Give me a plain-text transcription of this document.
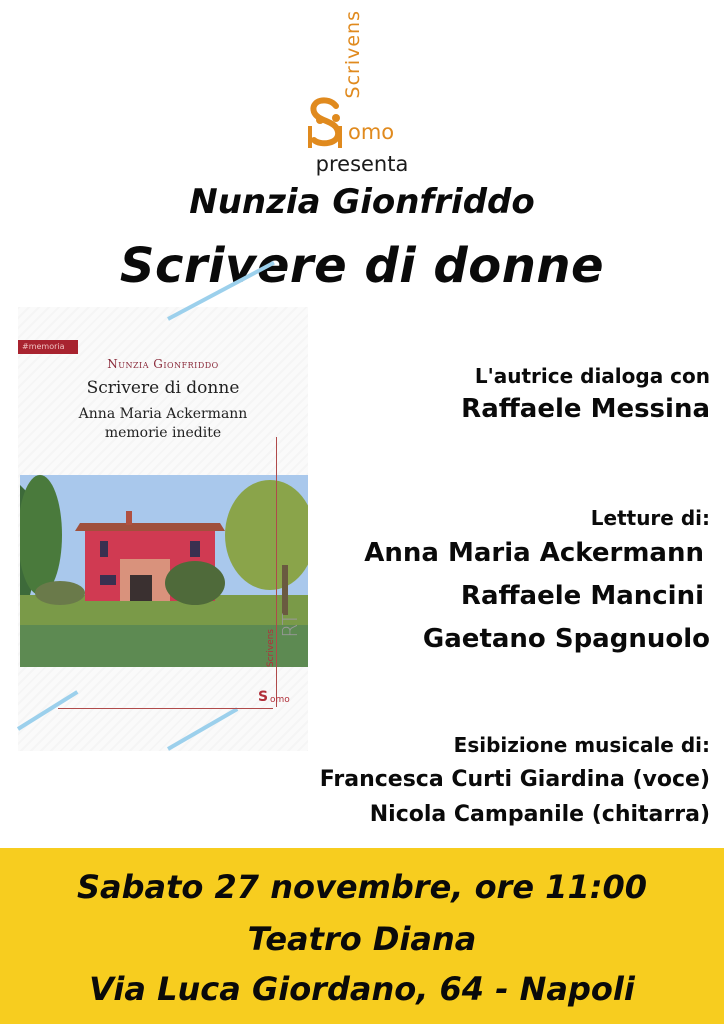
Scrivens
omo
presenta
Nunzia Gionfriddo
Scrivere di donne
#memoria
Nunzia Gionfriddo
Scrivere di donne
Anna Maria Ackermann
memorie inedite
RT
Scrivens
S omo
L'autrice dialoga con
Raffaele Messina
Letture di:
Anna Maria Ackermann
Raffaele Mancini
Gaetano Spagnuolo
Esibizione musicale di:
Francesca Curti Giardina (voce)
Nicola Campanile (chitarra)
Sabato 27 novembre, ore 11:00
Teatro Diana
Via Luca Giordano, 64 - Napoli
